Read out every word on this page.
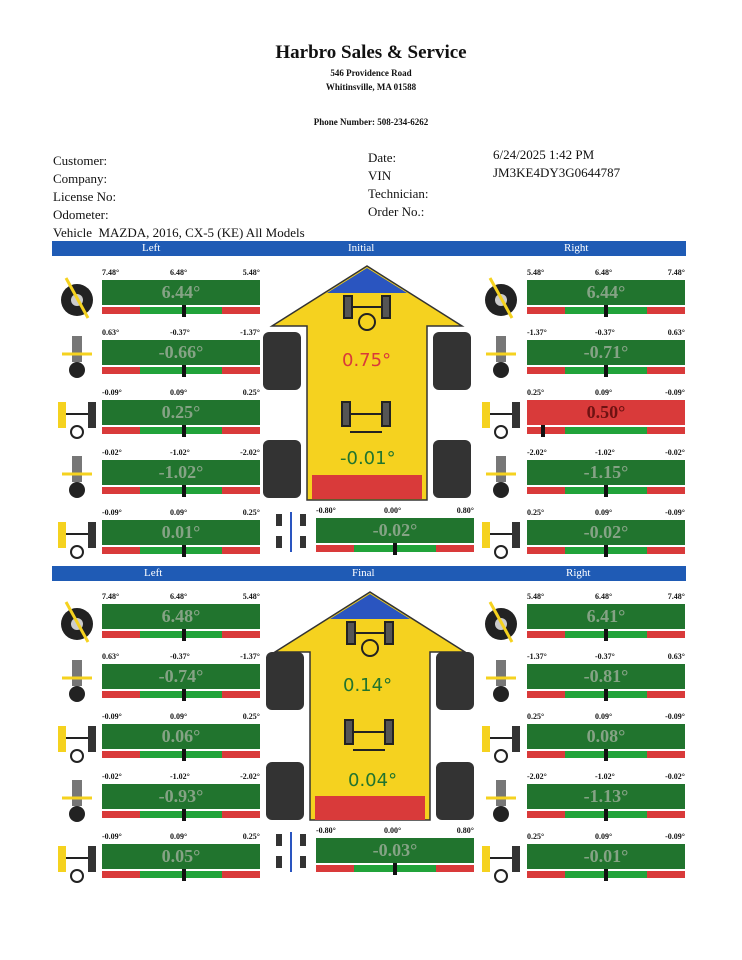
Harbro Sales & Service
546 Providence Road
Whitinsville, MA 01588
Phone Number: 508-234-6262
Customer:
Company:
License No:
Odometer:
Vehicle MAZDA, 2016, CX-5 (KE) All Models
Date:
VIN
Technician:
Order No.:
6/24/2025 1:42 PM
JM3KE4DY3G0644787
Left	Initial	Right
Left	Final	Right
0.75°
-0.01°
0.14°
0.04°
7.48°	6.48°	5.48°
6.44°
0.63°	-0.37°	-1.37°
-0.66°
-0.09°	0.09°	0.25°
0.25°
-0.02°	-1.02°	-2.02°
-1.02°
-0.09°	0.09°	0.25°
0.01°
5.48°	6.48°	7.48°
6.44°
-1.37°	-0.37°	0.63°
-0.71°
0.25°	0.09°	-0.09°
0.50°
-2.02°	-1.02°	-0.02°
-1.15°
0.25°	0.09°	-0.09°
-0.02°
-0.80°	0.00°	0.80°
-0.02°
7.48°	6.48°	5.48°
6.48°
0.63°	-0.37°	-1.37°
-0.74°
-0.09°	0.09°	0.25°
0.06°
-0.02°	-1.02°	-2.02°
-0.93°
-0.09°	0.09°	0.25°
0.05°
5.48°	6.48°	7.48°
6.41°
-1.37°	-0.37°	0.63°
-0.81°
0.25°	0.09°	-0.09°
0.08°
-2.02°	-1.02°	-0.02°
-1.13°
0.25°	0.09°	-0.09°
-0.01°
-0.80°	0.00°	0.80°
-0.03°
